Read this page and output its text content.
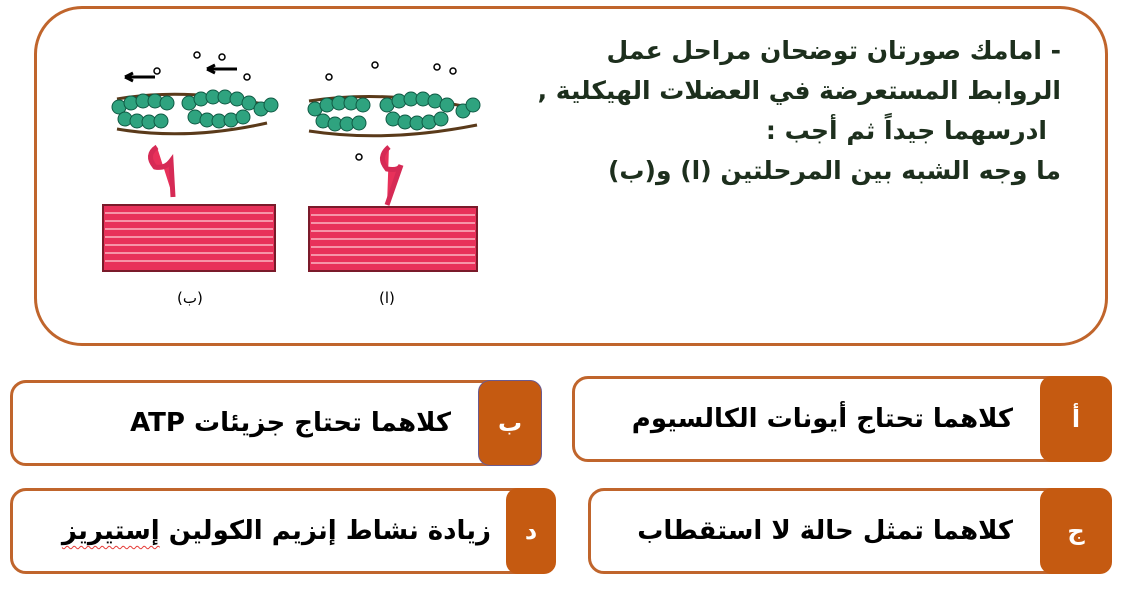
(ب)	(ا)
- امامك صورتان توضحان مراحل عمل
الروابط المستعرضة في العضلات الهيكلية ,
ادرسهما جيداً ثم أجب :
ما وجه الشبه بين المرحلتين (ا) و(ب)
أ
كلاهما تحتاج أيونات الكالسيوم
ب
كلاهما تحتاج جزيئات ATP
ج
كلاهما تمثل حالة لا استقطاب
د
زيادة نشاط إنزيم الكولين

إستيريز
